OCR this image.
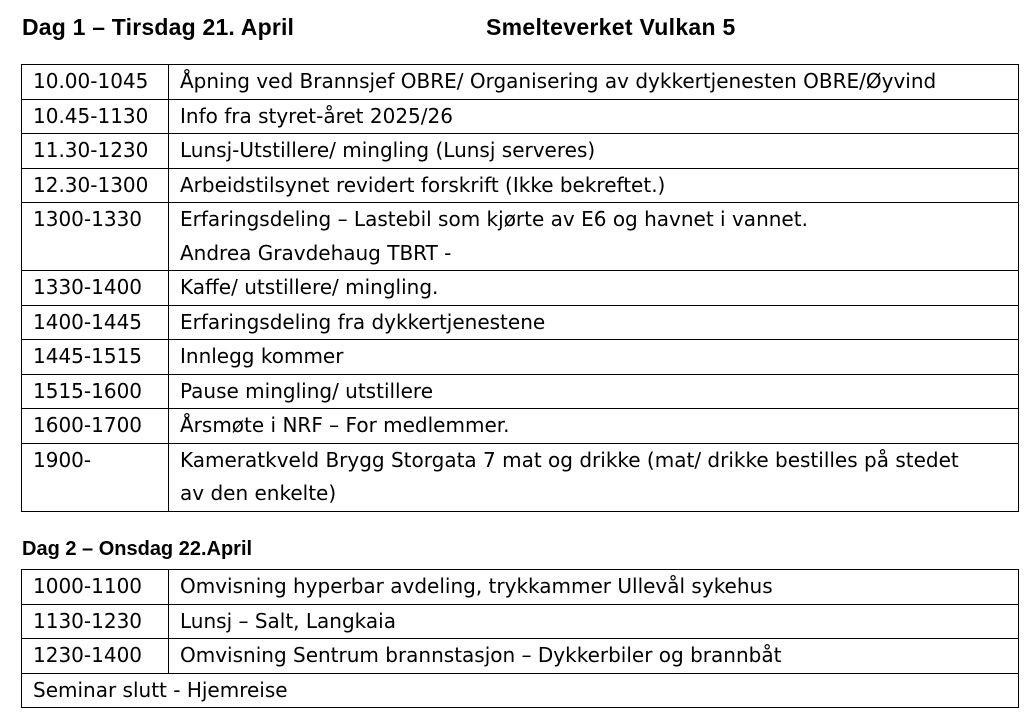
Dag 1 – Tirsdag 21. April	Smelteverket Vulkan 5
10.00-1045	Åpning ved Brannsjef OBRE/ Organisering av dykkertjenesten OBRE/Øyvind
10.45-1130	Info fra styret-året 2025/26
11.30-1230	Lunsj-Utstillere/ mingling (Lunsj serveres)
12.30-1300	Arbeidstilsynet revidert forskrift (Ikke bekreftet.)
1300-1330	Erfaringsdeling – Lastebil som kjørte av E6 og havnet i vannet.
Andrea Gravdehaug TBRT -
1330-1400	Kaffe/ utstillere/ mingling.
1400-1445	Erfaringsdeling fra dykkertjenestene
1445-1515	Innlegg kommer
1515-1600	Pause mingling/ utstillere
1600-1700	Årsmøte i NRF – For medlemmer.
1900-	Kameratkveld Brygg Storgata 7 mat og drikke (mat/ drikke bestilles på stedet
av den enkelte)
Dag 2 – Onsdag 22.April
1000-1100	Omvisning hyperbar avdeling, trykkammer Ullevål sykehus
1130-1230	Lunsj – Salt, Langkaia
1230-1400	Omvisning Sentrum brannstasjon – Dykkerbiler og brannbåt
Seminar slutt - Hjemreise	
